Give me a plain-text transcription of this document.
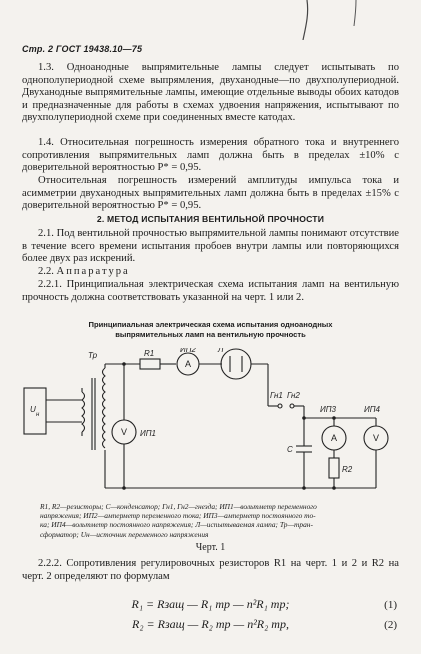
Стр. 2 ГОСТ 19438.10—75

1.3. Одноанодные выпрямительные лампы следует испытывать по однополупериодной схеме выпрямления, двуханодные—по двухполупериодной. Двуханодные выпрямительные лампы, имеющие отдельные выводы обоих катодов и предназначенные для работы в схемах удвоения напряжения, испытывают по двухполупериодной схеме при соединенных вместе катодах.

1.4. Относительная погрешность измерения обратного тока и внутреннего сопротивления выпрямительных ламп должна быть в пределах ±10% с доверительной вероятностью P* = 0,95.

Относительная погрешность измерений амплитуды импульса тока и асимметрии двуханодных выпрямительных ламп должна быть в пределах ±15% с доверительной вероятностью P* = 0,95.

2. МЕТОД ИСПЫТАНИЯ ВЕНТИЛЬНОЙ ПРОЧНОСТИ

2.1. Под вентильной прочностью выпрямительной лампы понимают отсутствие в течение всего времени испытания пробоев внутри лампы или повторяющихся более двух раз искрений.

2.2. Аппаратура

2.2.1. Принципиальная электрическая схема испытания ламп на вентильную прочность должна соответствовать указанной на черт. 1 или 2.

Принципиальная электрическая схема испытания одноанодных
выпрямительных ламп на вентильную прочность
Тр	R1	ИП2	Л
Гн1 Гн2
ИП1
ИП3	ИП4
С
R2
U
н
A
A
V
V
R1, R2—резисторы; C—конденсатор; Гн1, Гн2—гнезда; ИП1—вольтметр переменного
напряжения; ИП2—амперметр переменного тока; ИП3—амперметр постоянного то-
ка; ИП4—вольтметр постоянного напряжения; Л—испытываемая лампа; Тр—тран-
сформатор; Uн—источник переменного напряжения
Черт. 1

2.2.2. Сопротивления регулировочных резисторов R1 на черт. 1 и 2 и R2 на черт. 2 определяют по формулам

R₁ = Rзащ — R₁ тр — n²R₁ тр;	(1)
R₂ = Rзащ — R₂ тр — n²R₂ тр,	(2)
